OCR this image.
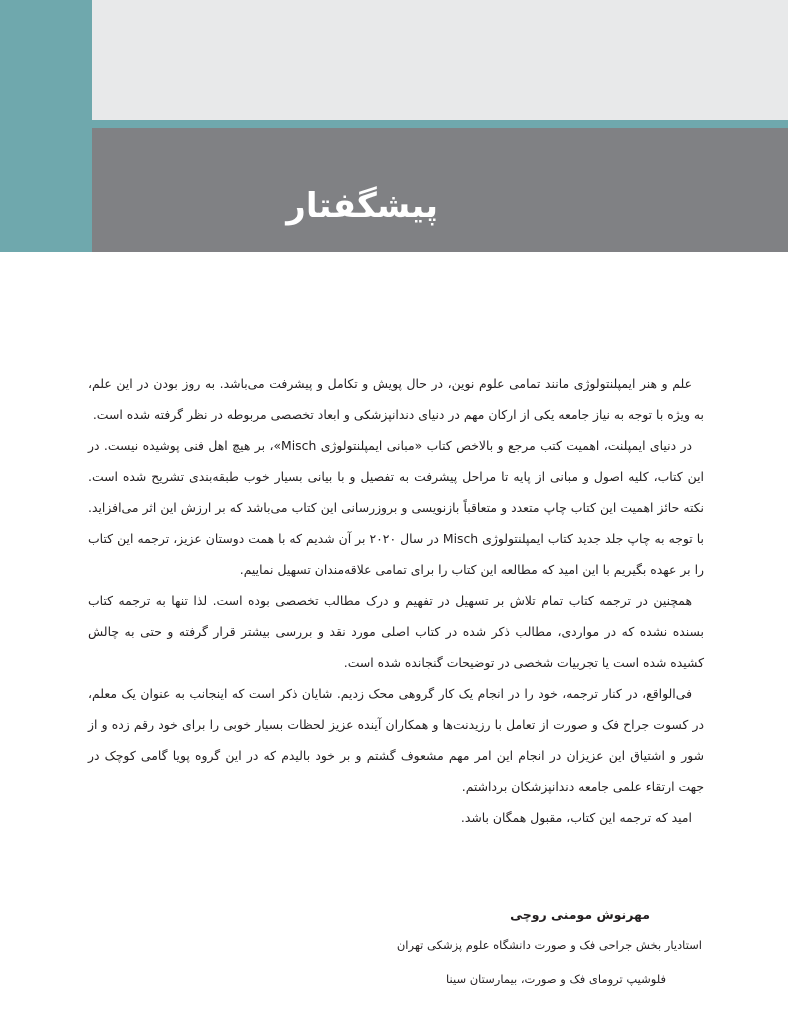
پیشگفتار

علم و هنر ایمپلنتولوژی مانند تمامی علوم نوین، در حال پویش و تکامل و پیشرفت می‌باشد. به روز بودن در این علم، به ویژه با توجه به نیاز جامعه یکی از ارکان مهم در دنیای دندانپزشکی و ابعاد تخصصی مربوطه در نظر گرفته شده است.

در دنیای ایمپلنت، اهمیت کتب مرجع و بالاخص کتاب «مبانی ایمپلنتولوژی Misch»، بر هیچ اهل فنی پوشیده نیست. در این کتاب، کلیه اصول و مبانی از پایه تا مراحل پیشرفت به تفصیل و با بیانی بسیار خوب طبقه‌بندی تشریح شده است. نکته حائز اهمیت این کتاب چاپ متعدد و متعاقباً بازنویسی و بروزرسانی این کتاب می‌باشد که بر ارزش این اثر می‌افزاید. با توجه به چاپ جلد جدید کتاب ایمپلنتولوژی Misch در سال ۲۰۲۰ بر آن شدیم که با همت دوستان عزیز، ترجمه این کتاب را بر عهده بگیریم با این امید که مطالعه این کتاب را برای تمامی علاقه‌مندان تسهیل نماییم.

همچنین در ترجمه کتاب تمام تلاش بر تسهیل در تفهیم و درک مطالب تخصصی بوده است. لذا تنها به ترجمه کتاب بسنده نشده که در مواردی، مطالب ذکر شده در کتاب اصلی مورد نقد و بررسی بیشتر قرار گرفته و حتی به چالش کشیده شده است یا تجربیات شخصی در توضیحات گنجانده شده است.

فی‌الواقع، در کنار ترجمه، خود را در انجام یک کار گروهی محک زدیم. شایان ذکر است که اینجانب به عنوان یک معلم، در کسوت جراح فک و صورت از تعامل با رزیدنت‌ها و همکاران آینده عزیز لحظات بسیار خوبی را برای خود رقم زده و از شور و اشتیاق این عزیزان در انجام این امر مهم مشعوف گشتم و بر خود بالیدم که در این گروه پویا گامی کوچک در جهت ارتقاء علمی جامعه دندانپزشکان برداشتم.

امید که ترجمه این کتاب، مقبول همگان باشد.

مهرنوش مومنی روچی
استادیار بخش جراحی فک و صورت دانشگاه علوم پزشکی تهران
فلوشیپ ترومای فک و صورت، بیمارستان سینا
